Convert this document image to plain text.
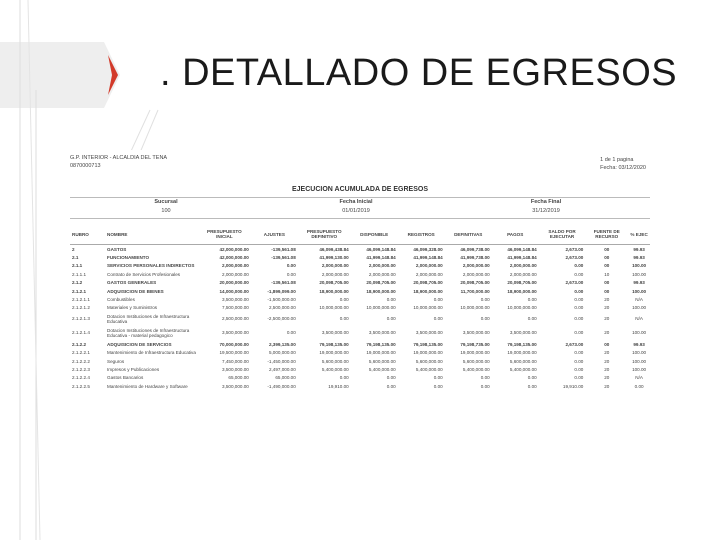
. DETALLADO DE EGRESOS
G.P. INTERIOR - ALCALDIA DEL TENA
0870000713
1 de 1 pagina
Fecha: 03/12/2020
EJECUCION ACUMULADA DE EGRESOS
Sucursal
100
Fecha Inicial
01/01/2019
Fecha Final
31/12/2019
RUBRO	NOMBRE	PRESUPUESTO INICIAL	AJUSTES	PRESUPUESTO DEFINITIVO	DISPONIBLE	REGISTROS	DEFINITIVAS	PAGOS	SALDO POR EJECUTAR	FUENTE DE RECURSO	% EJEC
2	GASTOS	42,000,000.00	-139,561.08	46,099,438.84	46,099,148.84	46,099,328.00	46,099,738.00	46,099,148.84	2,673.00	00	99.93
2.1	FUNCIONAMIENTO	42,000,000.00	-139,561.08	41,999,130.00	41,999,148.84	41,999,148.84	41,999,738.00	41,999,148.84	2,673.00	00	99.93
2.1.1	SERVICIOS PERSONALES INDIRECTOS	2,000,000.00	0.00	2,000,000.00	2,000,000.00	2,000,000.00	2,000,000.00	2,000,000.00	0.00	00	100.00
2.1.1.1	Contrato de Servicios Profesionales	2,000,000.00	0.00	2,000,000.00	2,000,000.00	2,000,000.00	2,000,000.00	2,000,000.00	0.00	10	100.00
2.1.2	GASTOS GENERALES	20,000,000.00	-139,561.08	20,098,705.00	20,098,705.00	20,098,705.00	20,098,705.00	20,098,705.00	2,673.00	00	99.93
2.1.2.1	ADQUISICION DE BIENES	14,000,000.00	-1,899,099.00	18,900,000.00	18,900,000.00	18,900,000.00	11,700,000.00	18,900,000.00	0.00	00	100.00
2.1.2.1.1	Combustibles	3,500,000.00	-1,500,000.00	0.00	0.00	0.00	0.00	0.00	0.00	20	N/A
2.1.2.1.2	Materiales y Suministros	7,500,000.00	2,500,000.00	10,000,000.00	10,000,000.00	10,000,000.00	10,000,000.00	10,000,000.00	0.00	20	100.00
2.1.2.1.3	Dotacion Instituciones de Infraestructura Educativa	2,500,000.00	-2,500,000.00	0.00	0.00	0.00	0.00	0.00	0.00	20	N/A
2.1.2.1.4	Dotacion Instituciones de Infraestructura Educativa - material pedagogico	3,500,000.00	0.00	3,500,000.00	3,500,000.00	3,500,000.00	3,500,000.00	3,500,000.00	0.00	20	100.00
2.1.2.2	ADQUISICION DE SERVICIOS	70,000,000.00	2,399,135.00	79,198,135.00	79,198,135.00	79,198,135.00	79,198,735.00	79,198,135.00	2,673.00	00	99.93
2.1.2.2.1	Mantenimiento de Infraestructura Educativa	19,500,000.00	5,000,000.00	19,000,000.00	19,000,000.00	19,000,000.00	19,000,000.00	19,000,000.00	0.00	20	100.00
2.1.2.2.2	Seguros	7,450,000.00	-1,450,000.00	5,600,000.00	5,600,000.00	5,600,000.00	5,600,000.00	5,600,000.00	0.00	20	100.00
2.1.2.2.3	Impresos y Publicaciones	3,500,000.00	2,497,000.00	5,400,000.00	5,400,000.00	5,400,000.00	5,400,000.00	5,400,000.00	0.00	20	100.00
2.1.2.2.4	Gastos Bancarios	65,000.00	65,000.00	0.00	0.00	0.00	0.00	0.00	0.00	20	N/A
2.1.2.2.5	Mantenimiento de Hardware y Software	3,500,000.00	-1,490,000.00	19,910.00	0.00	0.00	0.00	0.00	19,910.00	20	0.00
